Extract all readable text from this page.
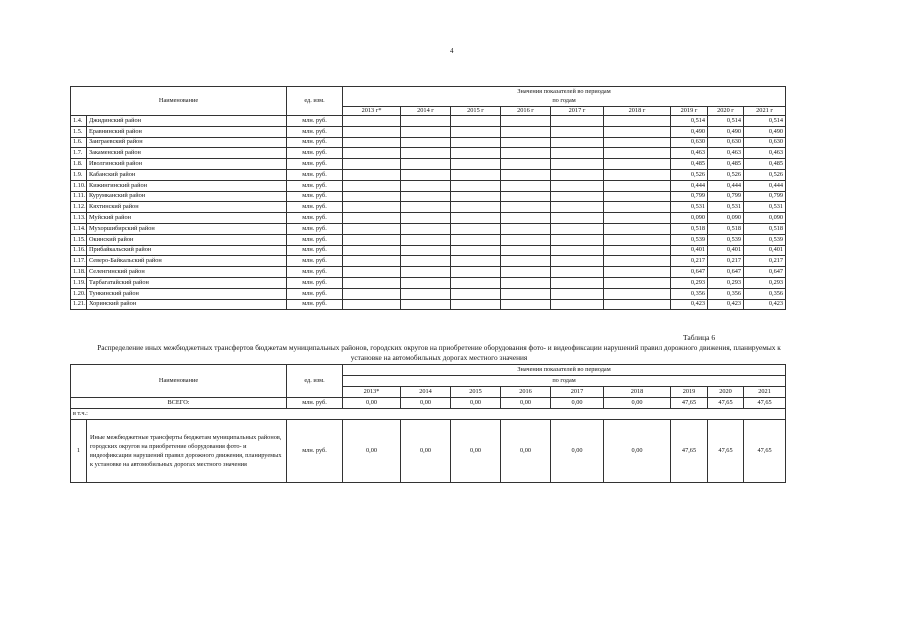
4
Наименование		ед. изм.	Значения показателей во периодам
по годам								

			2013 г*	2014 г	2015 г	2016 г	2017 г	2018 г	2019 г	2020 г	2021 г
1.4.	Джидинский район	млн. руб.							0,514	0,514	0,514
1.5.	Еравнинский район	млн. руб.							0,490	0,490	0,490
1.6.	Заиграевский район	млн. руб.							0,630	0,630	0,630
1.7.	Закаменский район	млн. руб.							0,463	0,463	0,463
1.8.	Иволгинский район	млн. руб.							0,485	0,485	0,485
1.9.	Кабанский район	млн. руб.							0,526	0,526	0,526
1.10.	Кижингинский район	млн. руб.							0,444	0,444	0,444
1.11.	Курумканский район	млн. руб.							0,799	0,799	0,799
1.12.	Кяхтинский район	млн. руб.							0,531	0,531	0,531
1.13.	Муйский район	млн. руб.							0,090	0,090	0,090
1.14.	Мухоршибирский район	млн. руб.							0,518	0,518	0,518
1.15.	Окинский район	млн. руб.							0,539	0,539	0,539
1.16.	Прибайкальский район	млн. руб.							0,401	0,401	0,401
1.17.	Северо-Байкальский район	млн. руб.							0,217	0,217	0,217
1.18.	Селенгинский район	млн. руб.							0,647	0,647	0,647
1.19.	Тарбагатайский район	млн. руб.							0,293	0,293	0,293
1.20.	Тункинский район	млн. руб.							0,356	0,356	0,356
1.21.	Хоринский район	млн. руб.							0,423	0,423	0,423
Таблица 6
Распределение иных межбюджетных трансфертов бюджетам муниципальных районов, городских округов на приобретение оборудования фото- и видеофиксации нарушений правил дорожного движения, планируемых к установке на автомобильных дорогах местного значения
Наименование		ед. изм.	Значения показателей во периодам								
			по годам								
			2013*	2014	2015	2016	2017	2018	2019	2020	2021
ВСЕГО:		млн. руб.	0,00	0,00	0,00	0,00	0,00	0,00	47,65	47,65	47,65
в т.ч.:											
1	Иные межбюджетные трансферты бюджетам муниципальных районов, городских округов на приобретение оборудования фото- и видеофиксации нарушений правил дорожного движения, планируемых к установке на автомобильных дорогах местного значения	млн. руб.	0,00	0,00	0,00	0,00	0,00	0,00	47,65	47,65	47,65
